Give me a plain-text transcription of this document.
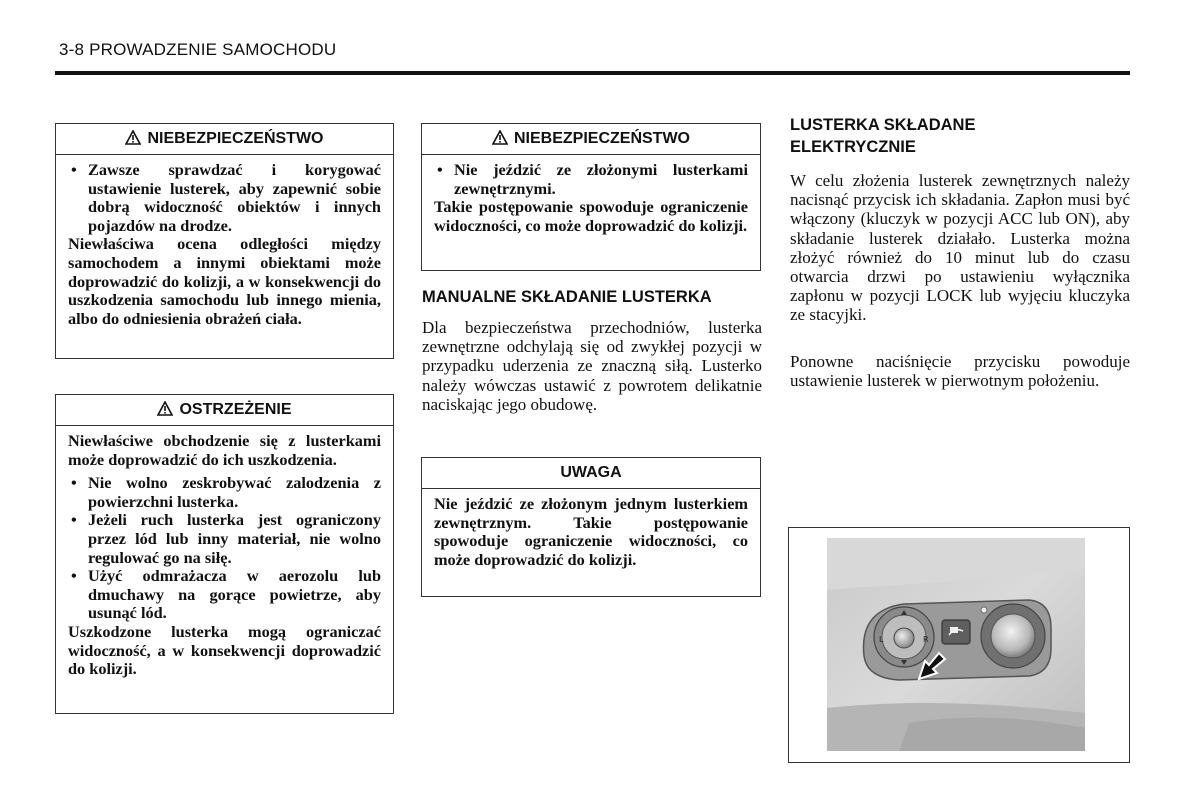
3-8 PROWADZENIE SAMOCHODU
NIEBEZPIECZEŃSTWO
• Zawsze sprawdzać i korygować ustawienie lusterek, aby zapewnić sobie dobrą widoczność obiektów i innych pojazdów na drodze.

Niewłaściwa ocena odległości między samochodem a innymi obiektami może doprowadzić do kolizji, a w konsekwencji do uszkodzenia samochodu lub innego mienia, albo do odniesienia obrażeń ciała.

OSTRZEŻENIE

Niewłaściwe obchodzenie się z lusterkami może doprowadzić do ich uszkodzenia.

• Nie wolno zeskrobywać zalodzenia z powierzchni lusterka.
• Jeżeli ruch lusterka jest ograniczony przez lód lub inny materiał, nie wolno regulować go na siłę.
• Użyć odmrażacza w aerozolu lub dmuchawy na gorące powietrze, aby usunąć lód.

Uszkodzone lusterka mogą ograniczać widoczność, a w konsekwencji doprowadzić do kolizji.

NIEBEZPIECZEŃSTWO
• Nie jeździć ze złożonymi lusterkami zewnętrznymi.

Takie postępowanie spowoduje ograniczenie widoczności, co może doprowadzić do kolizji.

MANUALNE SKŁADANIE LUSTERKA

Dla bezpieczeństwa przechodniów, lusterka zewnętrzne odchylają się od zwykłej pozycji w przypadku uderzenia ze znaczną siłą. Lusterko należy wówczas ustawić z powrotem delikatnie naciskając jego obudowę.

UWAGA

Nie jeździć ze złożonym jednym lusterkiem zewnętrznym. Takie postępowanie spowoduje ograniczenie widoczności, co może doprowadzić do kolizji.

LUSTERKA SKŁADANE
ELEKTRYCZNIE

W celu złożenia lusterek zewnętrznych należy nacisnąć przycisk ich składania. Zapłon musi być włączony (kluczyk w pozycji ACC lub ON), aby składanie lusterek działało. Lusterka można złożyć również do 10 minut lub do czasu otwarcia drzwi po ustawieniu wyłącznika zapłonu w pozycji LOCK lub wyjęciu kluczyka ze stacyjki.

Ponowne naciśnięcie przycisku powoduje ustawienie lusterek w pierwotnym położeniu.

L	R
